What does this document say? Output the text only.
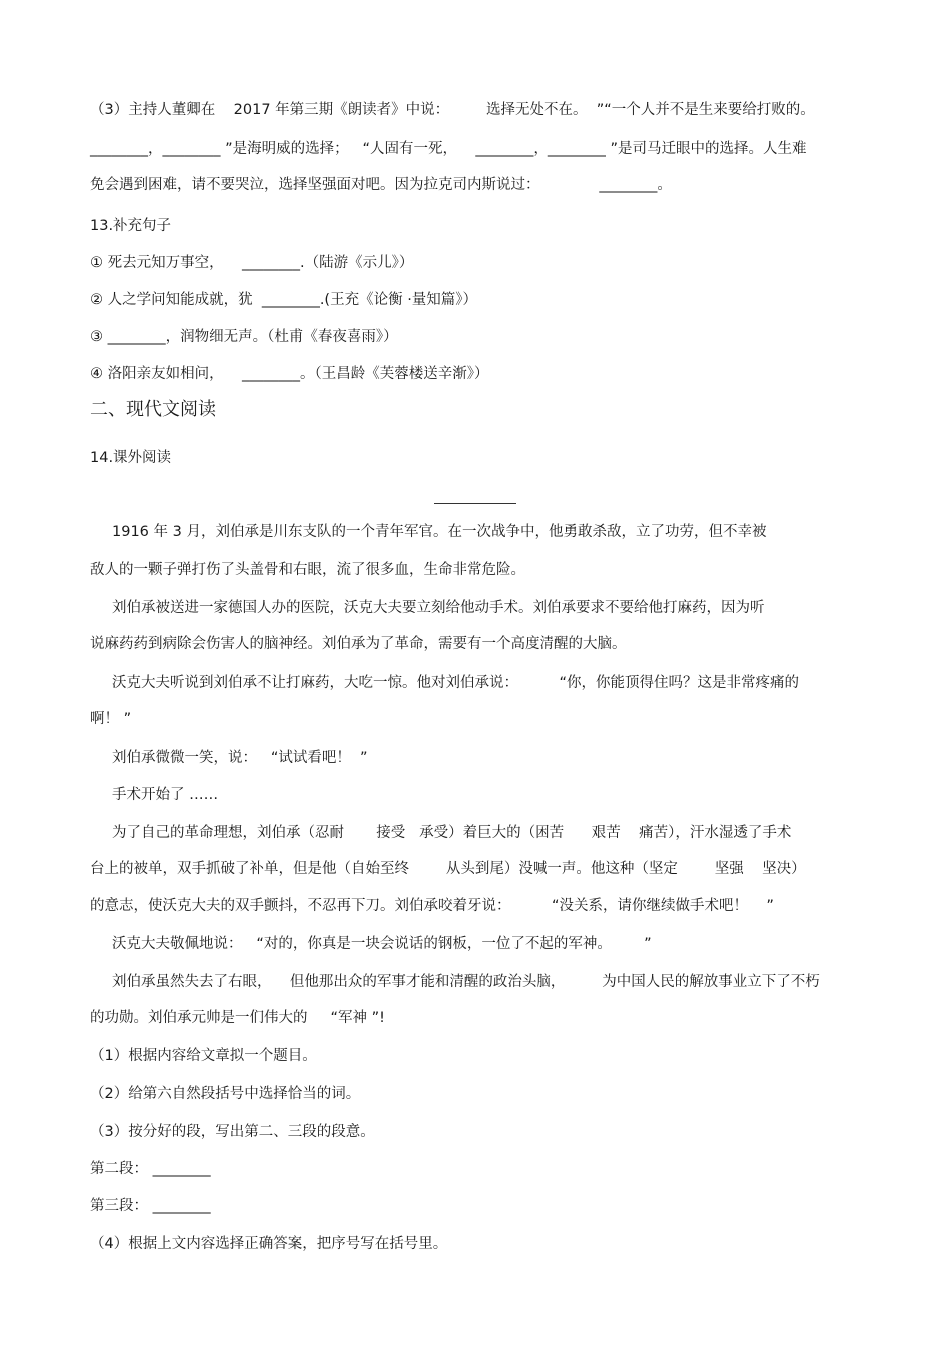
（3）主持人董卿在    2017 年第三期《朗读者》中说：        选择无处不在。  ”“一个人并不是生来要给打败的。
________，________ ”是海明威的选择；   “人固有一死，    ________，________ ”是司马迁眼中的选择。人生难
免会遇到困难，请不要哭泣，选择坚强面对吧。因为拉克司内斯说过：             ________。
13.补充句子
① 死去元知万事空，    ________.（陆游《示儿》）
② 人之学问知能成就，犹  ________.(王充《论衡 ·量知篇》）
③ ________，润物细无声。（杜甫《春夜喜雨》）
④ 洛阳亲友如相问，    ________。（王昌龄《芙蓉楼送辛渐》）
二、现代文阅读
14.课外阅读
1916 年 3 月，刘伯承是川东支队的一个青年军官。在一次战争中，他勇敢杀敌，立了功劳，但不幸被
敌人的一颗子弹打伤了头盖骨和右眼，流了很多血，生命非常危险。
刘伯承被送进一家德国人办的医院，沃克大夫要立刻给他动手术。刘伯承要求不要给他打麻药，因为听
说麻药药到病除会伤害人的脑神经。刘伯承为了革命，需要有一个高度清醒的大脑。
沃克大夫听说到刘伯承不让打麻药，大吃一惊。他对刘伯承说：         “你，你能顶得住吗？这是非常疼痛的
啊！ ”
刘伯承微微一笑，说：   “试试看吧！  ”
手术开始了 ……
为了自己的革命理想，刘伯承（忍耐       接受   承受）着巨大的（困苦      艰苦    痛苦），汗水湿透了手术
台上的被单，双手抓破了补单，但是他（自始至终        从头到尾）没喊一声。他这种（坚定        坚强    坚决）
的意志，使沃克大夫的双手颤抖，不忍再下刀。刘伯承咬着牙说：         “没关系，请你继续做手术吧！    ”
沃克大夫敬佩地说：   “对的，你真是一块会说话的钢板，一位了不起的军神。       ”
刘伯承虽然失去了右眼，    但他那出众的军事才能和清醒的政治头脑，        为中国人民的解放事业立下了不朽
的功勋。刘伯承元帅是一们伟大的     “军神 ”!
（1）根据内容给文章拟一个题目。
（2）给第六自然段括号中选择恰当的词。
（3）按分好的段，写出第二、三段的段意。
第二段： ________
第三段： ________
（4）根据上文内容选择正确答案，把序号写在括号里。
